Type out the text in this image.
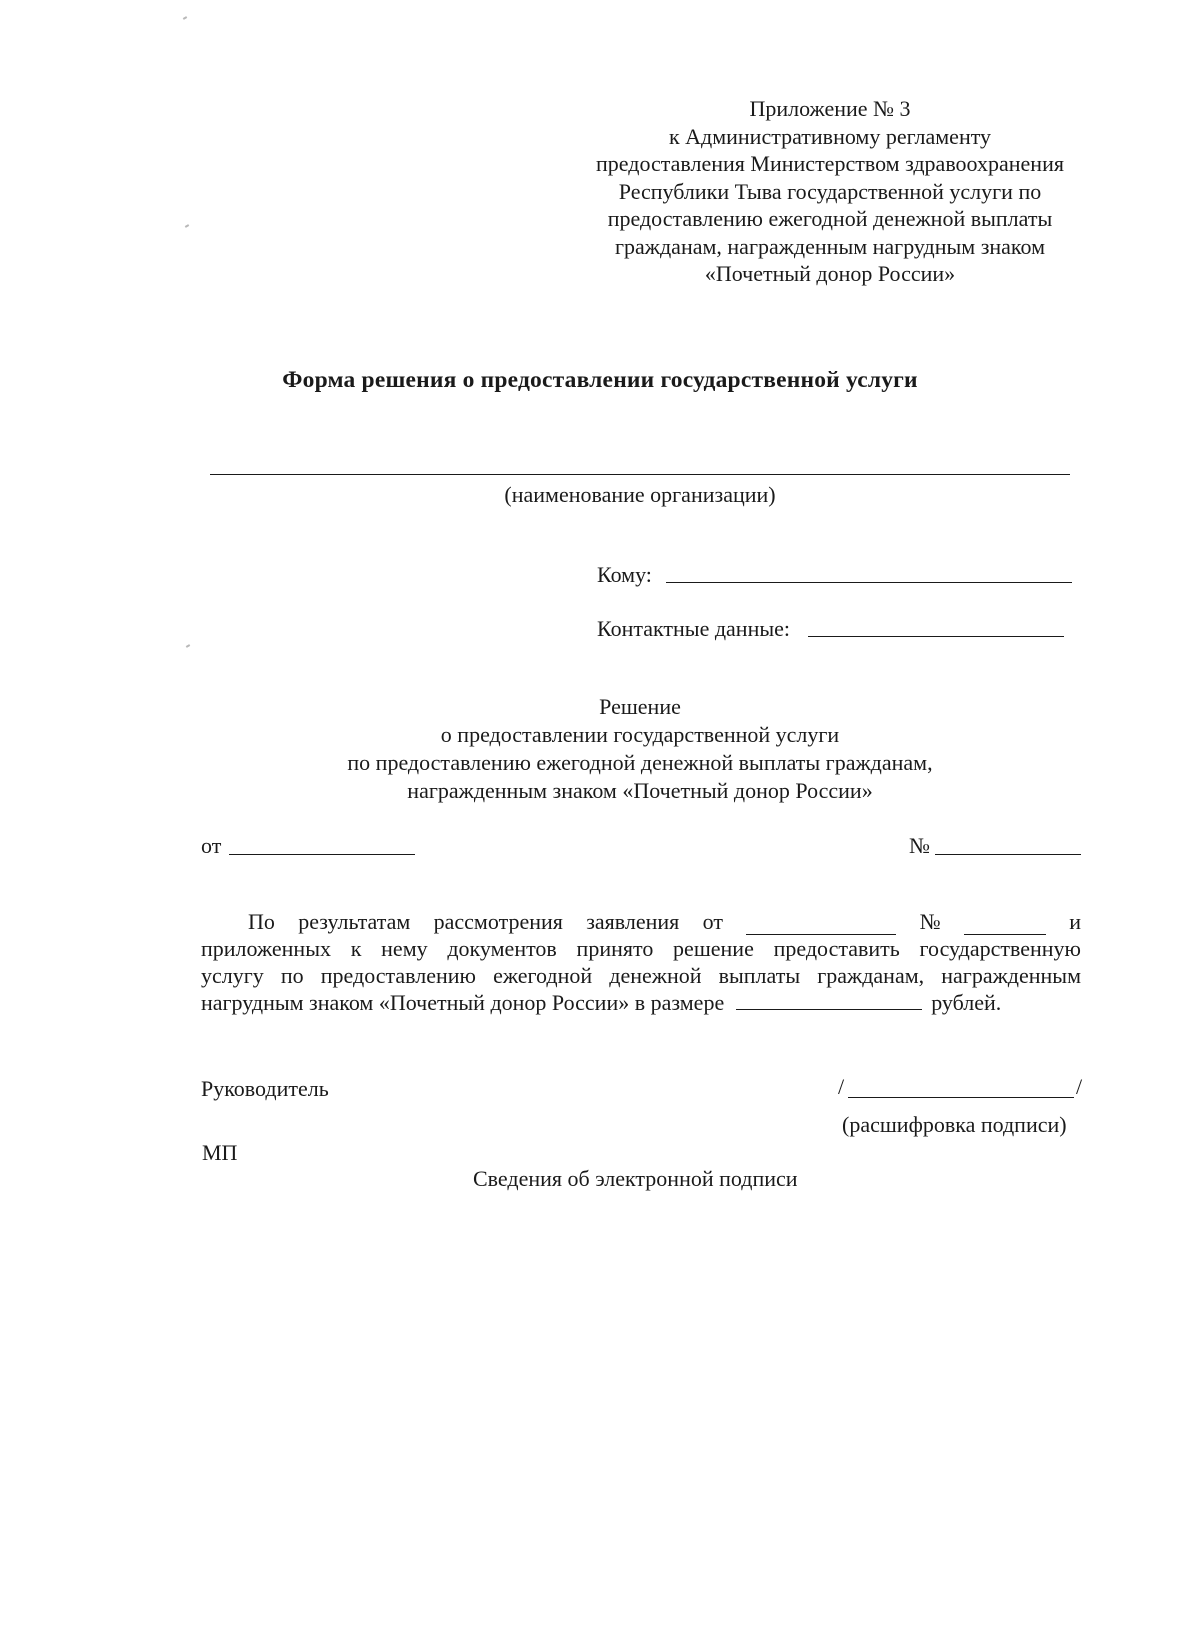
Приложение № 3
к Административному регламенту
предоставления Министерством здравоохранения
Республики Тыва государственной услуги по
предоставлению ежегодной денежной выплаты
гражданам, награжденным нагрудным знаком
«Почетный донор России»
Форма решения о предоставлении государственной услуги
(наименование организации)
Кому:
Контактные данные:
Решение
о предоставлении государственной услуги
по предоставлению ежегодной денежной выплаты гражданам,
награжденным знаком «Почетный донор России»
от	№
По результатам рассмотрения заявления от	№	и
приложенных к нему документов принято решение предоставить государственную
услугу по предоставлению ежегодной денежной выплаты гражданам, награжденным
нагрудным знаком «Почетный донор России» в размере	рублей.
Руководитель	/	/
(расшифровка подписи)
МП
Сведения об электронной подписи
